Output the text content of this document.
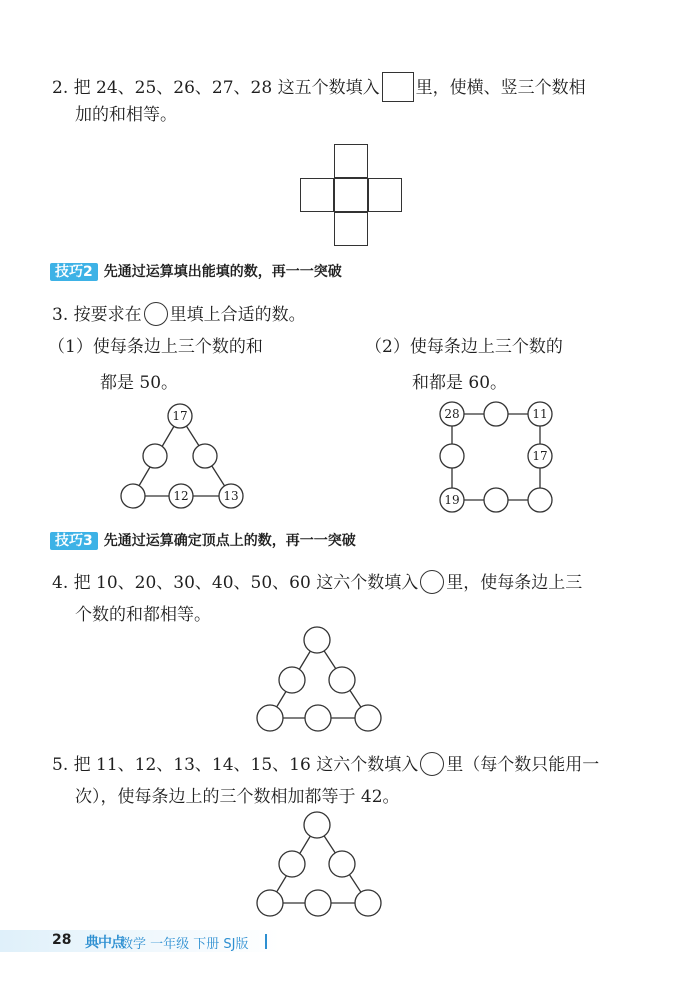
2. 把 24、25、26、27、28 这五个数填入 里，使横、竖三个数相
加的和相等。
技巧2 先通过运算填出能填的数，再一一突破
3. 按要求在 里填上合适的数。
（1）使每条边上三个数的和
都是 50。
（2）使每条边上三个数的
和都是 60。
17
12	13
28	11
17
19
技巧3 先通过运算确定顶点上的数，再一一突破
4. 把 10、20、30、40、50、60 这六个数填入 里，使每条边上三
个数的和都相等。
5. 把 11、12、13、14、15、16 这六个数填入 里（每个数只能用一
次），使每条边上的三个数相加都等于 42。
28 典中点
数学 一年级 下册 SJ版
